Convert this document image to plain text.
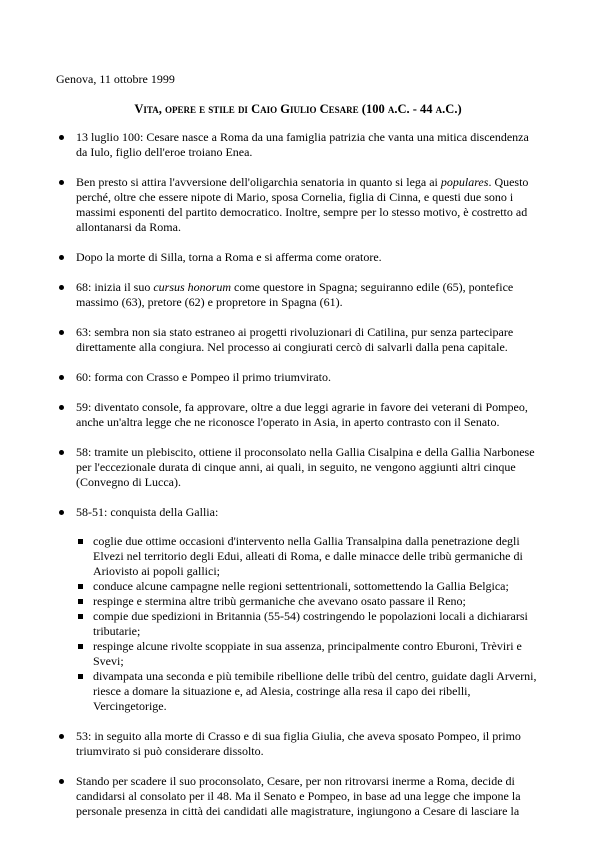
Genova, 11 ottobre 1999
Vita, opere e stile di Caio Giulio Cesare (100 a.C. - 44 a.C.)
13 luglio 100: Cesare nasce a Roma da una famiglia patrizia che vanta una mitica discendenza da Iulo, figlio dell'eroe troiano Enea.
Ben presto si attira l'avversione dell'oligarchia senatoria in quanto si lega ai populares. Questo perché, oltre che essere nipote di Mario, sposa Cornelia, figlia di Cinna, e questi due sono i massimi esponenti del partito democratico. Inoltre, sempre per lo stesso motivo, è costretto ad allontanarsi da Roma.
Dopo la morte di Silla, torna a Roma e si afferma come oratore.
68: inizia il suo cursus honorum come questore in Spagna; seguiranno edile (65), pontefice massimo (63), pretore (62) e propretore in Spagna (61).
63: sembra non sia stato estraneo ai progetti rivoluzionari di Catilina, pur senza partecipare direttamente alla congiura. Nel processo ai congiurati cercò di salvarli dalla pena capitale.
60: forma con Crasso e Pompeo il primo triumvirato.
59: diventato console, fa approvare, oltre a due leggi agrarie in favore dei veterani di Pompeo, anche un'altra legge che ne riconosce l'operato in Asia, in aperto contrasto con il Senato.
58: tramite un plebiscito, ottiene il proconsolato nella Gallia Cisalpina e della Gallia Narbonese per l'eccezionale durata di cinque anni, ai quali, in seguito, ne vengono aggiunti altri cinque (Convegno di Lucca).
58-51: conquista della Gallia:
coglie due ottime occasioni d'intervento nella Gallia Transalpina dalla penetrazione degli Elvezi nel territorio degli Edui, alleati di Roma, e dalle minacce delle tribù germaniche di Ariovisto ai popoli gallici;
conduce alcune campagne nelle regioni settentrionali, sottomettendo la Gallia Belgica;
respinge e stermina altre tribù germaniche che avevano osato passare il Reno;
compie due spedizioni in Britannia (55-54) costringendo le popolazioni locali a dichiararsi tributarie;
respinge alcune rivolte scoppiate in sua assenza, principalmente contro Eburoni, Trèviri e Svevi;
divampata una seconda e più temibile ribellione delle tribù del centro, guidate dagli Arverni, riesce a domare la situazione e, ad Alesia, costringe alla resa il capo dei ribelli, Vercingetorige.
53: in seguito alla morte di Crasso e di sua figlia Giulia, che aveva sposato Pompeo, il primo triumvirato si può considerare dissolto.
Stando per scadere il suo proconsolato, Cesare, per non ritrovarsi inerme a Roma, decide di candidarsi al consolato per il 48. Ma il Senato e Pompeo, in base ad una legge che impone la personale presenza in città dei candidati alle magistrature, ingiungono a Cesare di lasciare la
